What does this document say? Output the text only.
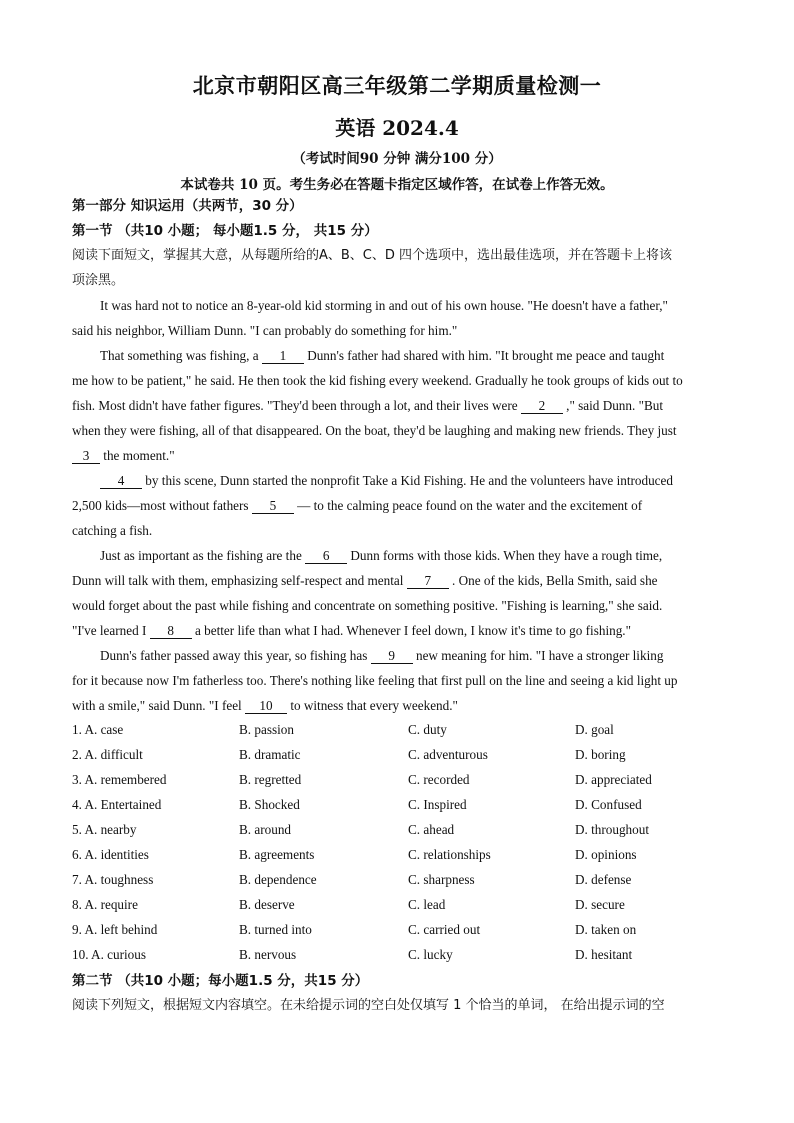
北京市朝阳区高三年级第二学期质量检测一
英语 2024.4
（考试时间90 分钟 满分100 分）
本试卷共 10 页。考生务必在答题卡指定区域作答，在试卷上作答无效。
第一部分 知识运用（共两节，30 分）
第一节 （共10 小题； 每小题1.5 分， 共15 分）
阅读下面短文，掌握其大意，从每题所给的A、B、C、D 四个选项中，选出最佳选项，并在答题卡上将该
项涂黑。
It was hard not to notice an 8-year-old kid storming in and out of his own house. "He doesn't have a father,"
said his neighbor, William Dunn. "I can probably do something for him."
That something was fishing, a 1 Dunn's father had shared with him. "It brought me peace and taught
me how to be patient," he said. He then took the kid fishing every weekend. Gradually he took groups of kids out to
fish. Most didn't have father figures. "They'd been through a lot, and their lives were 2 ," said Dunn. "But
when they were fishing, all of that disappeared. On the boat, they'd be laughing and making new friends. They just
3 the moment."
4 by this scene, Dunn started the nonprofit Take a Kid Fishing. He and the volunteers have introduced
2,500 kids—most without fathers 5 — to the calming peace found on the water and the excitement of
catching a fish.
Just as important as the fishing are the 6 Dunn forms with those kids. When they have a rough time,
Dunn will talk with them, emphasizing self-respect and mental 7 . One of the kids, Bella Smith, said she
would forget about the past while fishing and concentrate on something positive. "Fishing is learning," she said.
"I've learned I 8 a better life than what I had. Whenever I feel down, I know it's time to go fishing."
Dunn's father passed away this year, so fishing has 9 new meaning for him. "I have a stronger liking
for it because now I'm fatherless too. There's nothing like feeling that first pull on the line and seeing a kid light up
with a smile," said Dunn. "I feel 10 to witness that every weekend."
1. A. case	B. passion	C. duty	D. goal
2. A. difficult	B. dramatic	C. adventurous	D. boring
3. A. remembered	B. regretted	C. recorded	D. appreciated
4. A. Entertained	B. Shocked	C. Inspired	D. Confused
5. A. nearby	B. around	C. ahead	D. throughout
6. A. identities	B. agreements	C. relationships	D. opinions
7. A. toughness	B. dependence	C. sharpness	D. defense
8. A. require	B. deserve	C. lead	D. secure
9. A. left behind	B. turned into	C. carried out	D. taken on
10. A. curious	B. nervous	C. lucky	D. hesitant
第二节 （共10 小题；每小题1.5 分，共15 分）
阅读下列短文，根据短文内容填空。在未给提示词的空白处仅填写 1 个恰当的单词， 在给出提示词的空
